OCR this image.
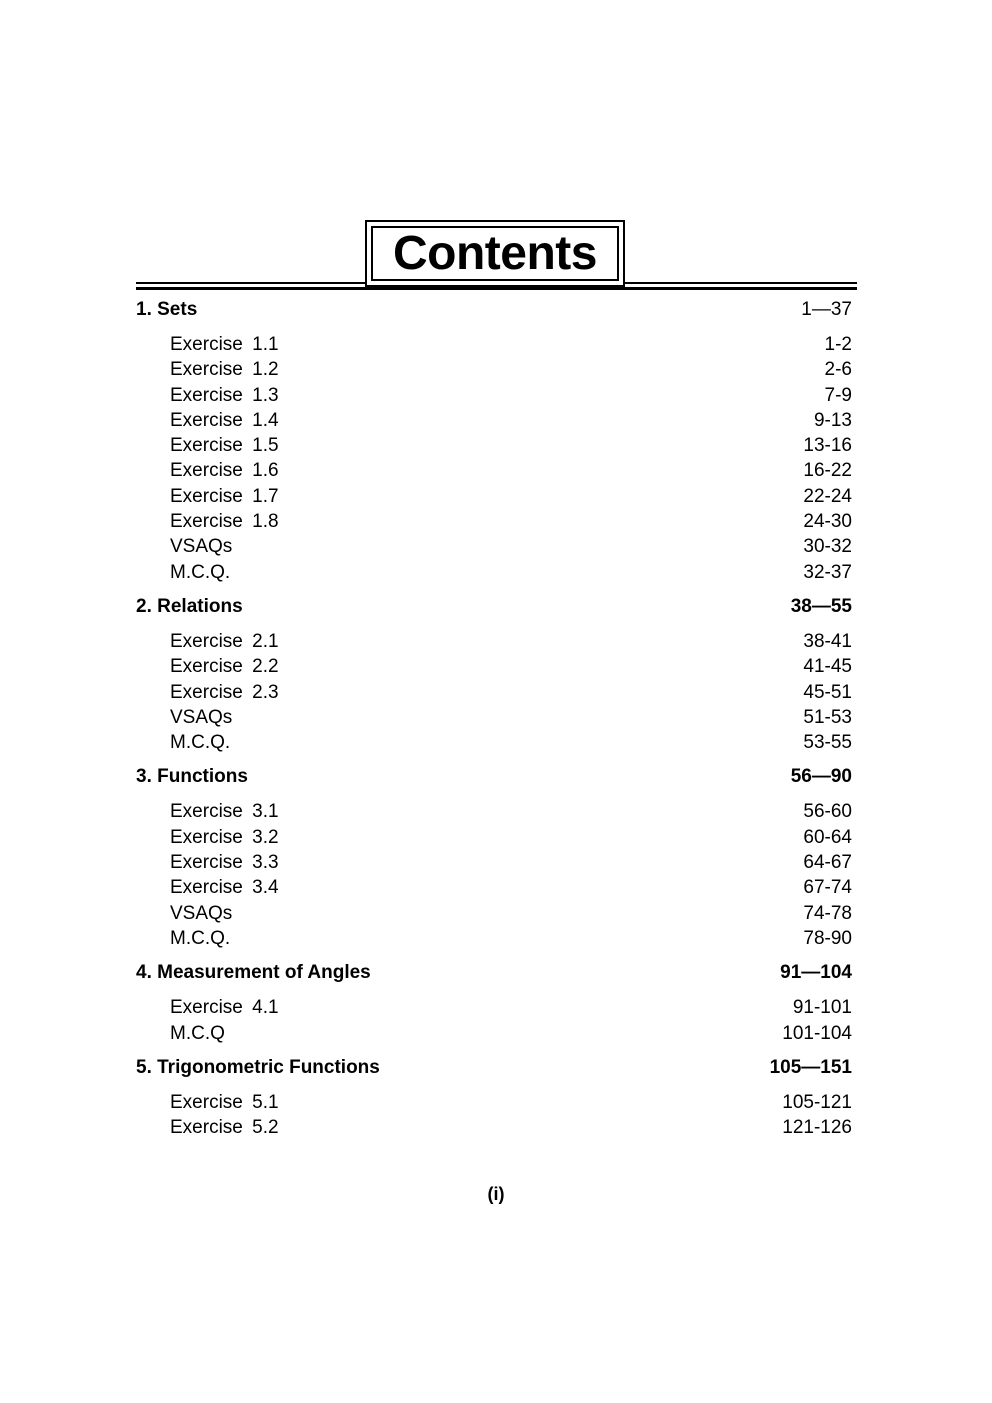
Contents
1. Sets	1—37
Exercise 1.1	1-2
Exercise 1.2	2-6
Exercise 1.3	7-9
Exercise 1.4	9-13
Exercise 1.5	13-16
Exercise 1.6	16-22
Exercise 1.7	22-24
Exercise 1.8	24-30
VSAQs	30-32
M.C.Q.	32-37
2. Relations	38—55
Exercise 2.1	38-41
Exercise 2.2	41-45
Exercise 2.3	45-51
VSAQs	51-53
M.C.Q.	53-55
3. Functions	56—90
Exercise 3.1	56-60
Exercise 3.2	60-64
Exercise 3.3	64-67
Exercise 3.4	67-74
VSAQs	74-78
M.C.Q.	78-90
4. Measurement of Angles	91—104
Exercise 4.1	91-101
M.C.Q	101-104
5. Trigonometric Functions	105—151
Exercise 5.1	105-121
Exercise 5.2	121-126
(i)
